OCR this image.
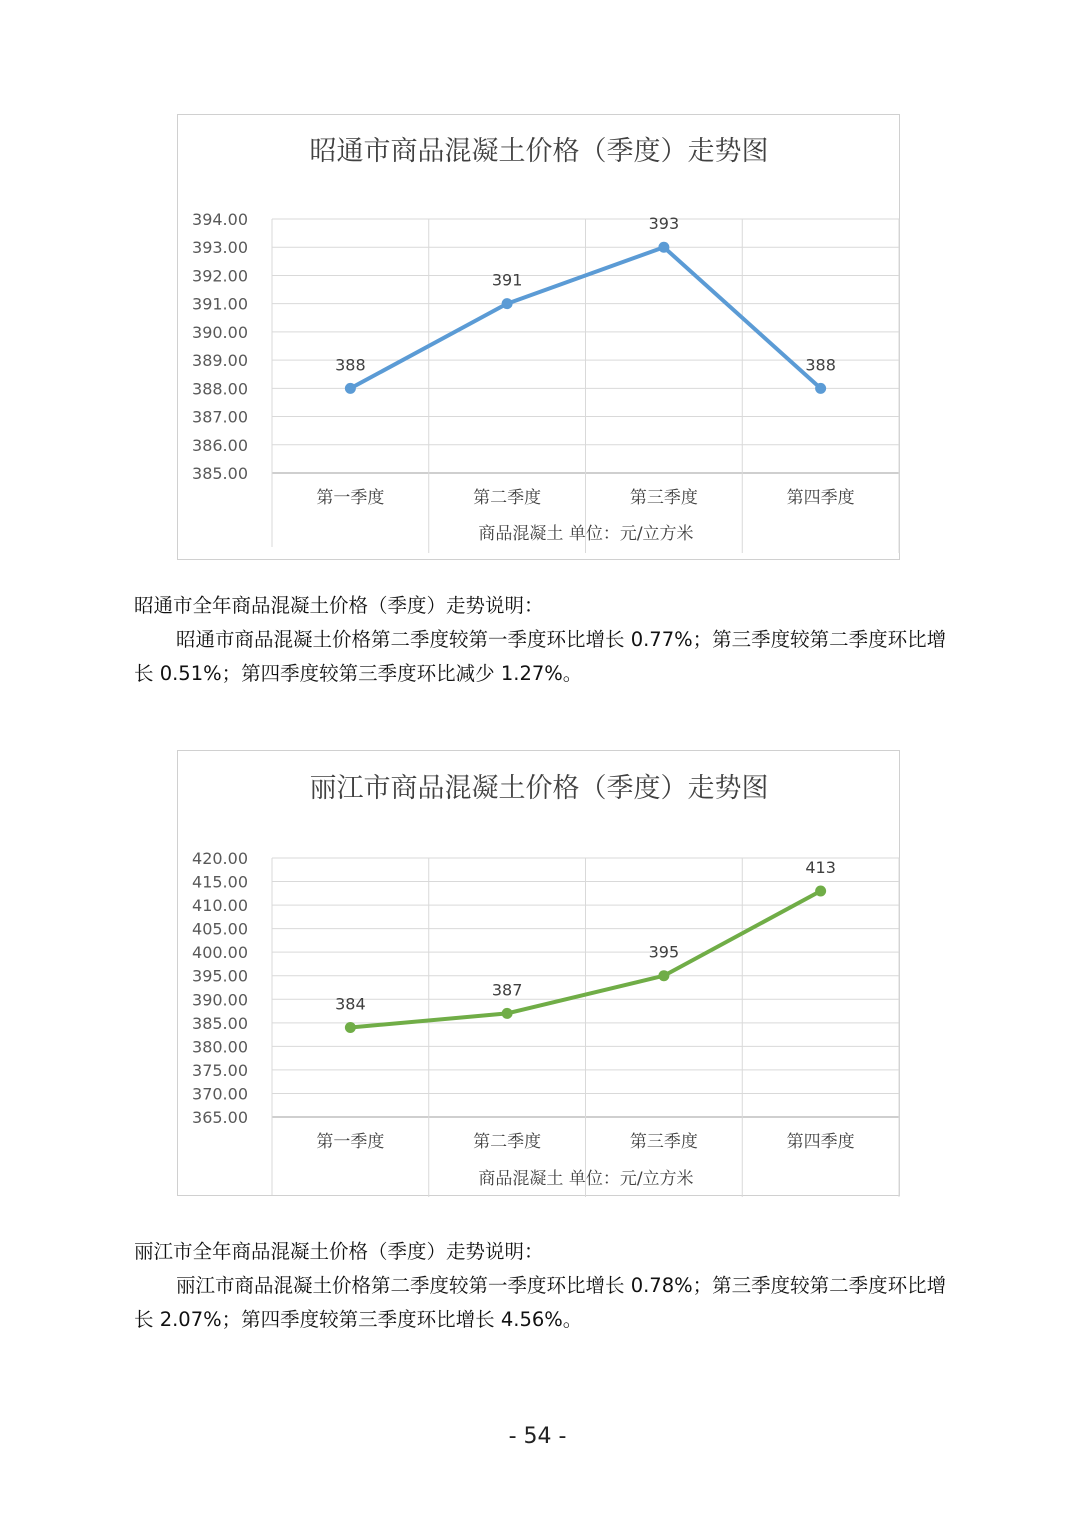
昭通市商品混凝土价格（季度）走势图
385.00
386.00
387.00
388.00
389.00
390.00
391.00
392.00
393.00
394.00
第一季度	第二季度	第三季度	第四季度
商品混凝土 单位：元/立方米
388
391
393
388
昭通市全年商品混凝土价格（季度）走势说明：
昭通市商品混凝土价格第二季度较第一季度环比增长 0.77%；第三季度较第二季度环比增长 0.51%；第四季度较第三季度环比减少 1.27%。
丽江市商品混凝土价格（季度）走势图
365.00
370.00
375.00
380.00
385.00
390.00
395.00
400.00
405.00
410.00
415.00
420.00
第一季度	第二季度	第三季度	第四季度
商品混凝土 单位：元/立方米
384
387
395
413
丽江市全年商品混凝土价格（季度）走势说明：
丽江市商品混凝土价格第二季度较第一季度环比增长 0.78%；第三季度较第二季度环比增长 2.07%；第四季度较第三季度环比增长 4.56%。
- 54 -
